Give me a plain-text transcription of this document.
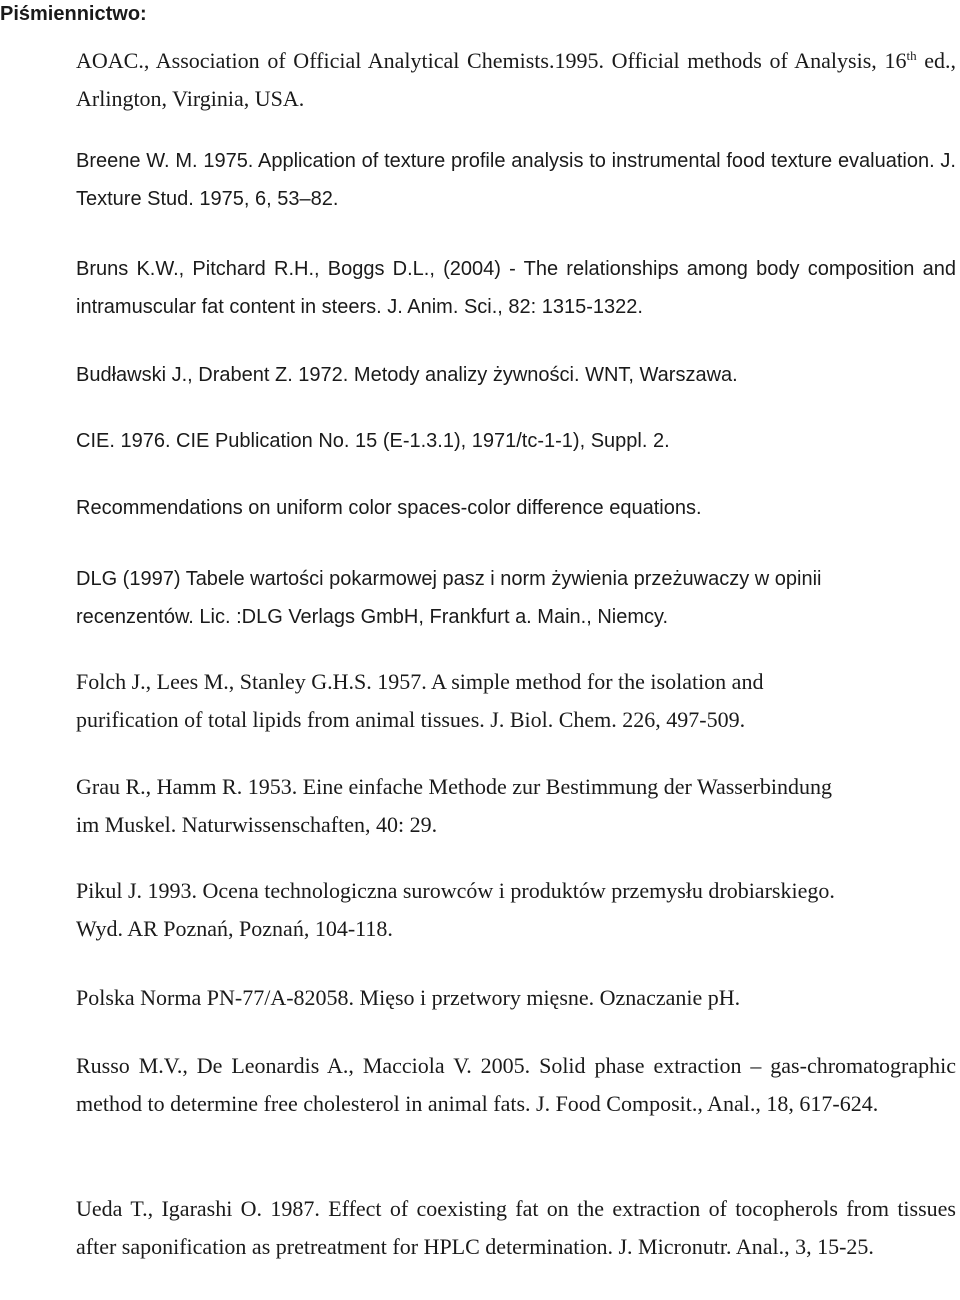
Piśmiennictwo:

AOAC., Association of Official Analytical Chemists.1995. Official methods of Analysis, 16th ed., Arlington, Virginia, USA.

Breene W. M. 1975. Application of texture profile analysis to instrumental food texture evaluation. J. Texture Stud. 1975, 6, 53–82.

Bruns K.W., Pitchard R.H., Boggs D.L., (2004) - The relationships among body composition and intramuscular fat content in steers. J. Anim. Sci., 82: 1315-1322.

Budławski J., Drabent Z. 1972. Metody analizy żywności. WNT, Warszawa.

CIE. 1976. CIE Publication No. 15 (E-1.3.1), 1971/tc-1-1), Suppl. 2.

Recommendations on uniform color spaces-color difference equations.

DLG (1997) Tabele wartości pokarmowej pasz i norm żywienia przeżuwaczy w opinii
recenzentów. Lic. :DLG Verlags GmbH, Frankfurt a. Main., Niemcy.

Folch J., Lees M., Stanley G.H.S. 1957. A simple method for the isolation and
purification of total lipids from animal tissues. J. Biol. Chem. 226, 497-509.

Grau R., Hamm R. 1953. Eine einfache Methode zur Bestimmung der Wasserbindung
im Muskel. Naturwissenschaften, 40: 29.

Pikul J. 1993. Ocena technologiczna surowców i produktów przemysłu drobiarskiego.
Wyd. AR Poznań, Poznań, 104-118.

Polska Norma PN-77/A-82058. Mięso i przetwory mięsne. Oznaczanie pH.

Russo M.V., De Leonardis A., Macciola V. 2005. Solid phase extraction – gas-chromatographic method to determine free cholesterol in animal fats. J. Food Composit., Anal., 18, 617-624.

Ueda T., Igarashi O. 1987. Effect of coexisting fat on the extraction of tocopherols from tissues after saponification as pretreatment for HPLC determination. J. Micronutr. Anal., 3, 15-25.
